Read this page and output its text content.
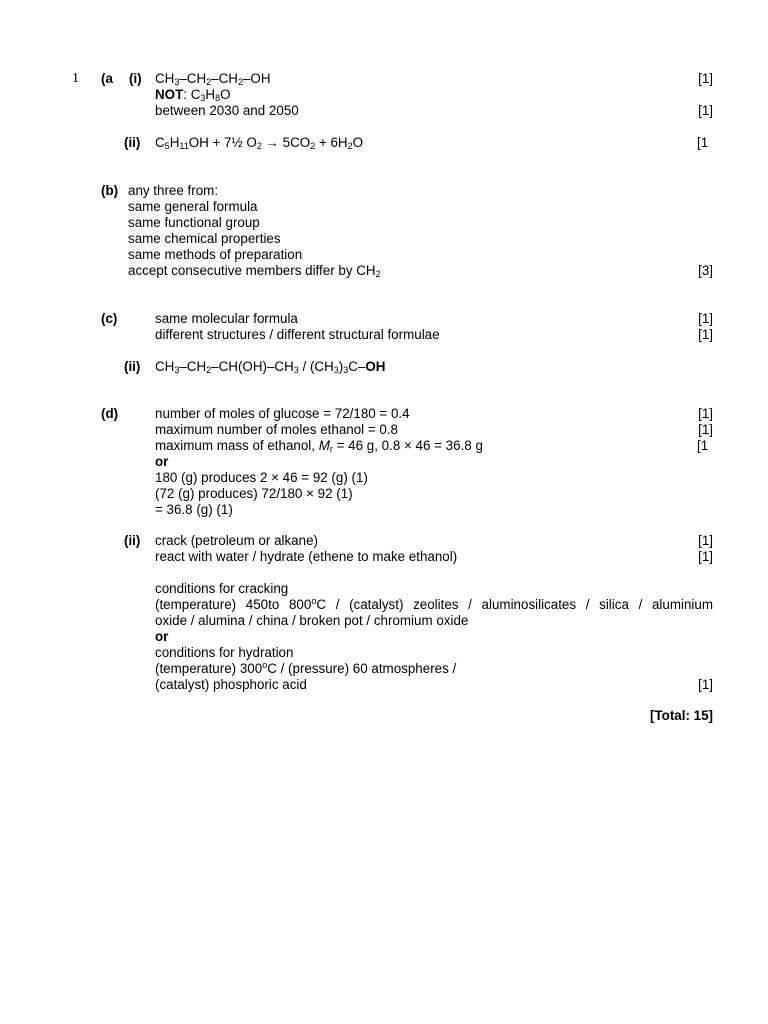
1 (a (i) $CH_3-CH_2-CH_2-OH$	[1]
NOT: $C_3H_8O$
between 2030 and 2050	[1]
(ii) $C_5H_{11}OH$ + 7½ $O_2 \to 5CO_2 + 6H_2O$	[1
(b) any three from:
same general formula
same functional group
same chemical properties
same methods of preparation
accept consecutive members differ by $CH_2$	[3]
(c)	same molecular formula	[1]
different structures / different structural formulae	[1]
(ii) $CH_3-CH_2-CH(OH)-CH_3 / (CH_3)_3C-OH$
(d)	number of moles of glucose = 72/180 = 0.4	[1]
maximum number of moles ethanol = 0.8	[1]
maximum mass of ethanol, $M_r = 46$ g, 0.8 × 46 = 36.8 g	[1
or
180 (g) produces 2 × 46 = 92 (g) (1)
(72 (g) produces) 72/180 × 92 (1)
= 36.8 (g) (1)
(ii) crack (petroleum or alkane)	[1]
react with water / hydrate (ethene to make ethanol)	[1]
conditions for cracking
(temperature) 450to 800$^o$C / (catalyst) zeolites / aluminosilicates / silica / aluminium
oxide / alumina / china / broken pot / chromium oxide
or
conditions for hydration
(temperature) 300$^o$C / (pressure) 60 atmospheres /
(catalyst) phosphoric acid	[1]
[Total: 15]
